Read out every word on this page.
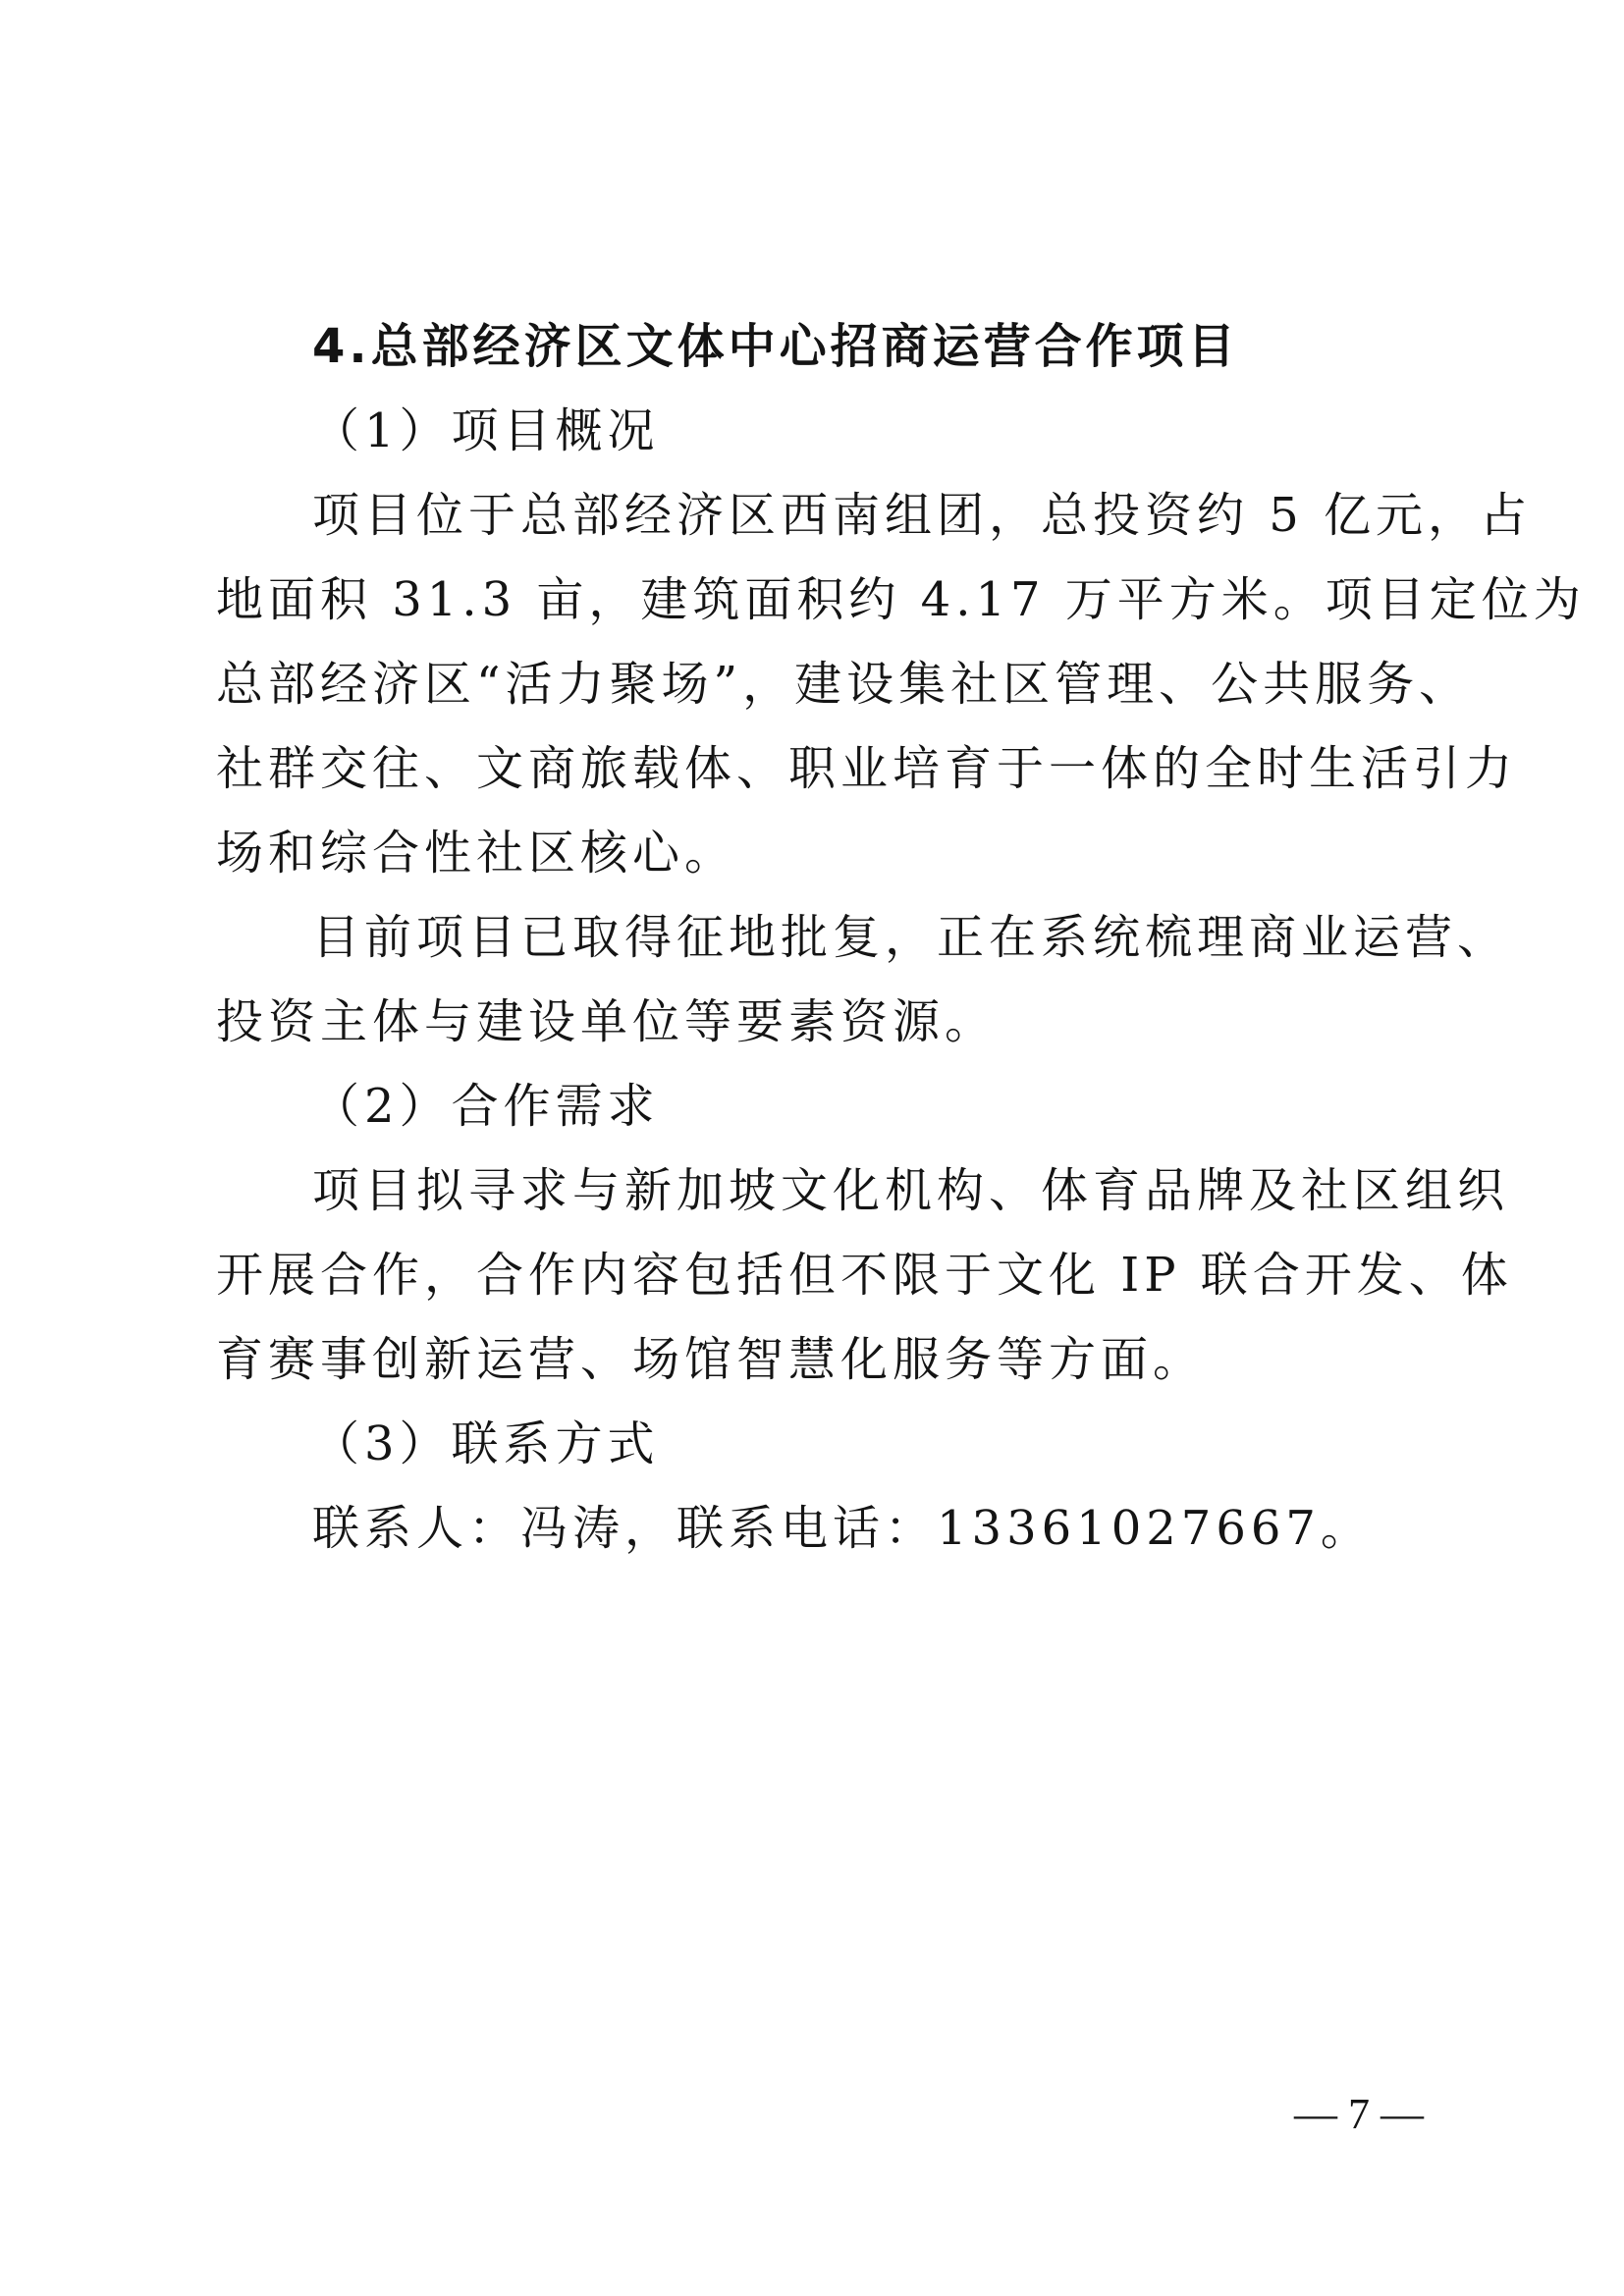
4.总部经济区文体中心招商运营合作项目
（1）项目概况
项目位于总部经济区西南组团，总投资约 5 亿元，占
地面积 31.3 亩，建筑面积约 4.17 万平方米。项目定位为
总部经济区“活力聚场”，建设集社区管理、公共服务、
社群交往、文商旅载体、职业培育于一体的全时生活引力
场和综合性社区核心。
目前项目已取得征地批复，正在系统梳理商业运营、
投资主体与建设单位等要素资源。
（2）合作需求
项目拟寻求与新加坡文化机构、体育品牌及社区组织
开展合作，合作内容包括但不限于文化 IP 联合开发、体
育赛事创新运营、场馆智慧化服务等方面。
（3）联系方式
联系人：冯涛，联系电话：13361027667。
— 7 —
